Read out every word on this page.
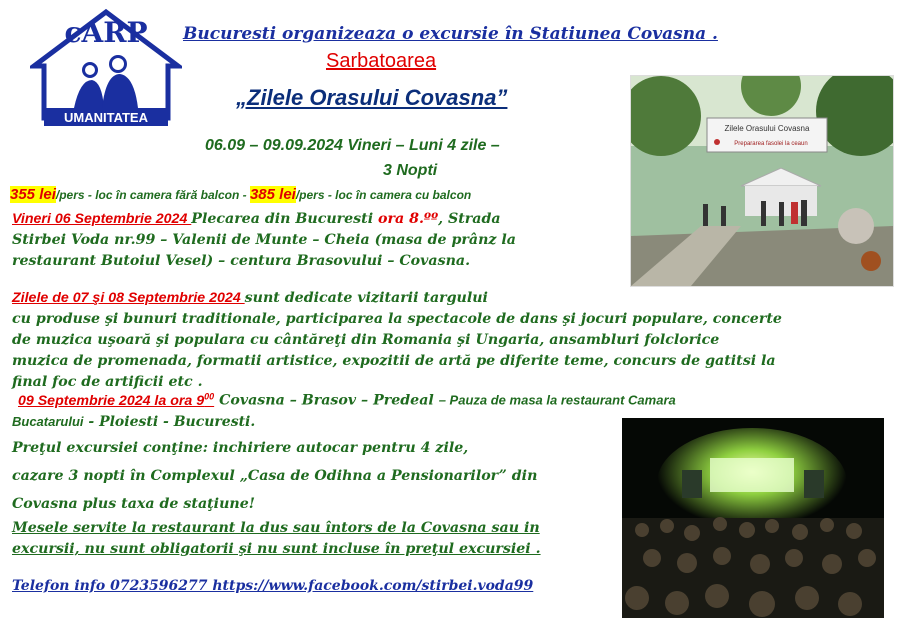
cARP
UMANITATEA
Bucuresti organizeaza o excursie în Statiunea Covasna .
Sarbatoarea
„Zilele Orasului Covasna”
06.09 – 09.09.2024 Vineri – Luni 4 zile –
3 Nopti
355 lei/pers - loc în camera fără balcon - 385 lei/pers - loc în camera cu balcon
Vineri 06 Septembrie 2024 Plecarea din Bucuresti ora 8.ºº, Strada
Stirbei Voda nr.99 – Valenii de Munte – Cheia (masa de prânz la
restaurant Butoiul Vesel) – centura Brasovului – Covasna.
Zilele de 07 şi 08 Septembrie 2024 sunt dedicate vizitarii targului
cu produse şi bunuri traditionale, participarea la spectacole de dans şi jocuri populare, concerte
de muzica uşoară şi populara cu cântăreţi din Romania şi Ungaria, ansambluri folclorice
muzica de promenada, formatii artistice, expozitii de artă pe diferite teme, concurs de gatitsi la
final foc de artificii etc .
09 Septembrie 2024 la ora $9^{00}$ Covasna – Brasov – Predeal – Pauza de masa la restaurant Camara
Bucatarului - Ploiesti - Bucuresti.
Preţul excursiei conţine: inchiriere autocar pentru 4 zile,
cazare 3 nopti în Complexul „Casa de Odihna a Pensionarilor” din
Covasna plus taxa de staţiune!
Mesele servite la restaurant la dus sau întors de la Covasna sau in
excursii, nu sunt obligatorii şi nu sunt incluse în preţul excursiei .
Telefon info 0723596277 https://www.facebook.com/stirbei.voda99
Zilele Orasului Covasna
Prepararea fasolei la ceaun
